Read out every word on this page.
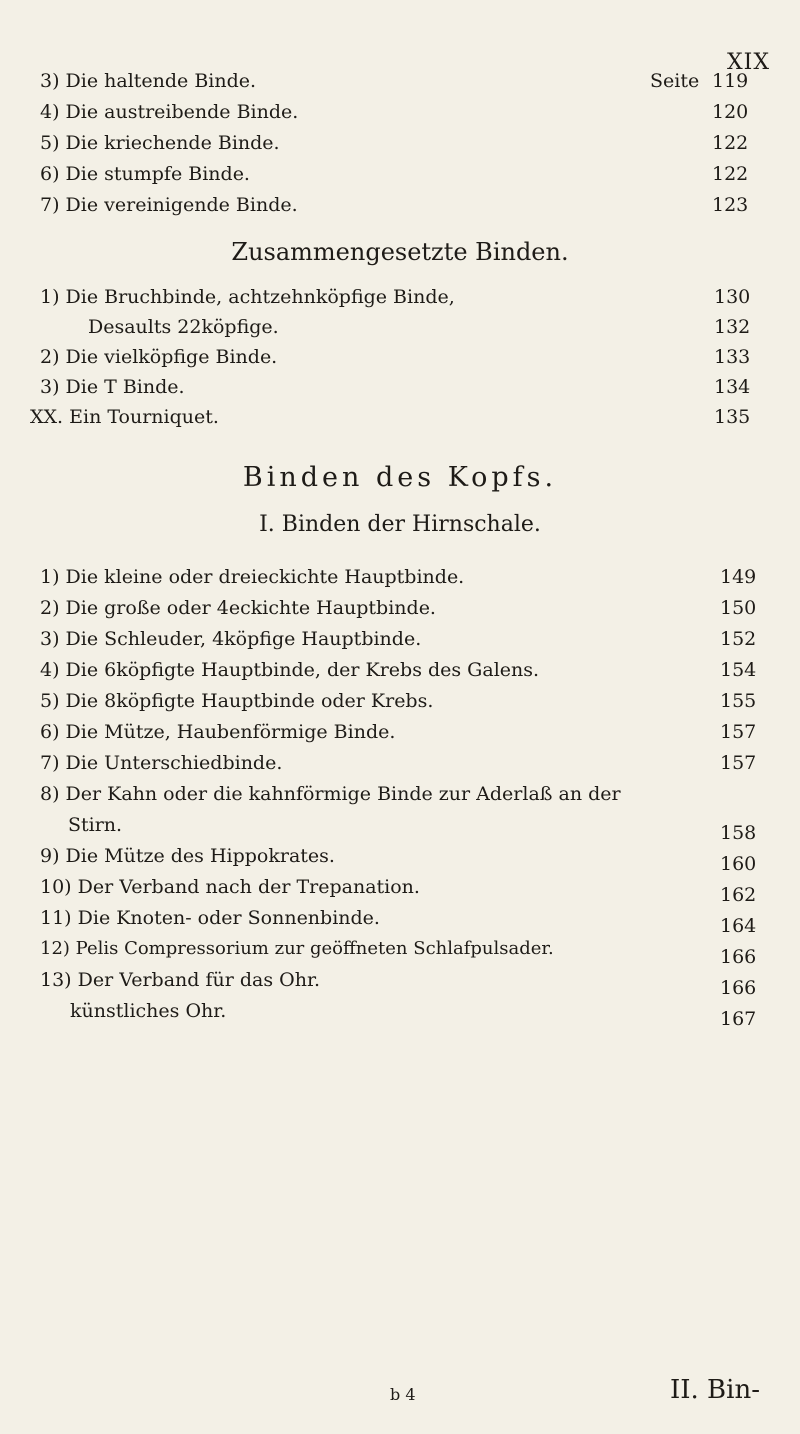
XIX
3) Die haltende Binde.	Seite 119
4) Die austreibende Binde.	120
5) Die kriechende Binde.	122
6) Die stumpfe Binde.	122
7) Die vereinigende Binde.	123
Zusammengesetzte Binden.
1) Die Bruchbinde, achtzehnköpfige Binde,	130
Desaults 22köpfige.	132
2) Die vielköpfige Binde.	133
3) Die T Binde.	134
XX. Ein Tourniquet.	135
Binden des Kopfs.
I. Binden der Hirnschale.
1) Die kleine oder dreieckichte Hauptbinde.	149
2) Die große oder 4eckichte Hauptbinde.	150
3) Die Schleuder, 4köpfige Hauptbinde.	152
4) Die 6köpfigte Hauptbinde, der Krebs des Galens.	154
5) Die 8köpfigte Hauptbinde oder Krebs.	155
6) Die Mütze, Haubenförmige Binde.	157
7) Die Unterschiedbinde.	157
8) Der Kahn oder die kahnförmige Binde zur Aderlaß an der
Stirn.	158
9) Die Mütze des Hippokrates.	160
10) Der Verband nach der Trepanation.	162
11) Die Knoten- oder Sonnenbinde.	164
12) Pelis Compressorium zur geöffneten Schlafpulsader.	166
13) Der Verband für das Ohr.	166
künstliches Ohr.	167
b 4	II. Bin-
